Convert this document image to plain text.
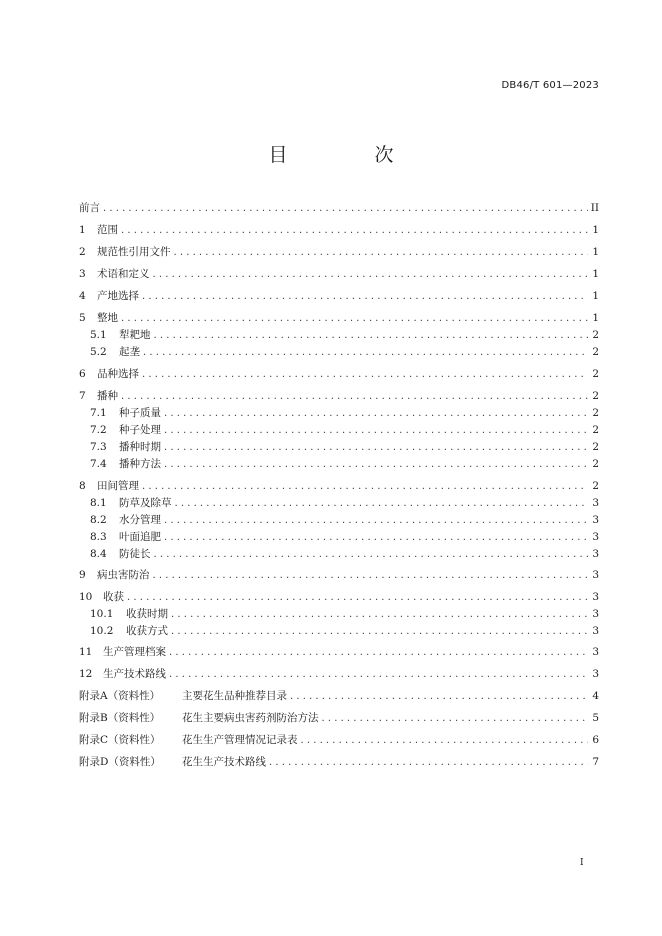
DB46/T 601—2023
目　次
前言 . . .	II
1	范围 . . .	1
2	规范性引用文件 . . .	1
3	术语和定义 . . .	1
4	产地选择 . . .	1
5	整地 . . .	1
5.1	犁耙地 . . .	2
5.2	起垄 . . .	2
6	品种选择 . . .	2
7	播种 . . .	2
7.1	种子质量 . . .	2
7.2	种子处理 . . .	2
7.3	播种时期 . . .	2
7.4	播种方法 . . .	2
8	田间管理 . . .	2
8.1	防草及除草 . . .	3
8.2	水分管理 . . .	3
8.3	叶面追肥 . . .	3
8.4	防徒长 . . .	3
9	病虫害防治 . . .	3
10	收获 . . .	3
10.1	收获时期 . . .	3
10.2	收获方式 . . .	3
11	生产管理档案 . . .	3
12	生产技术路线 . . .	3
附录A（资料性）	主要花生品种推荐目录 . . .	4
附录B（资料性）	花生主要病虫害药剂防治方法 . . .	5
附录C（资料性）	花生生产管理情况记录表 . . .	6
附录D（资料性）	花生生产技术路线 . . .	7
I
